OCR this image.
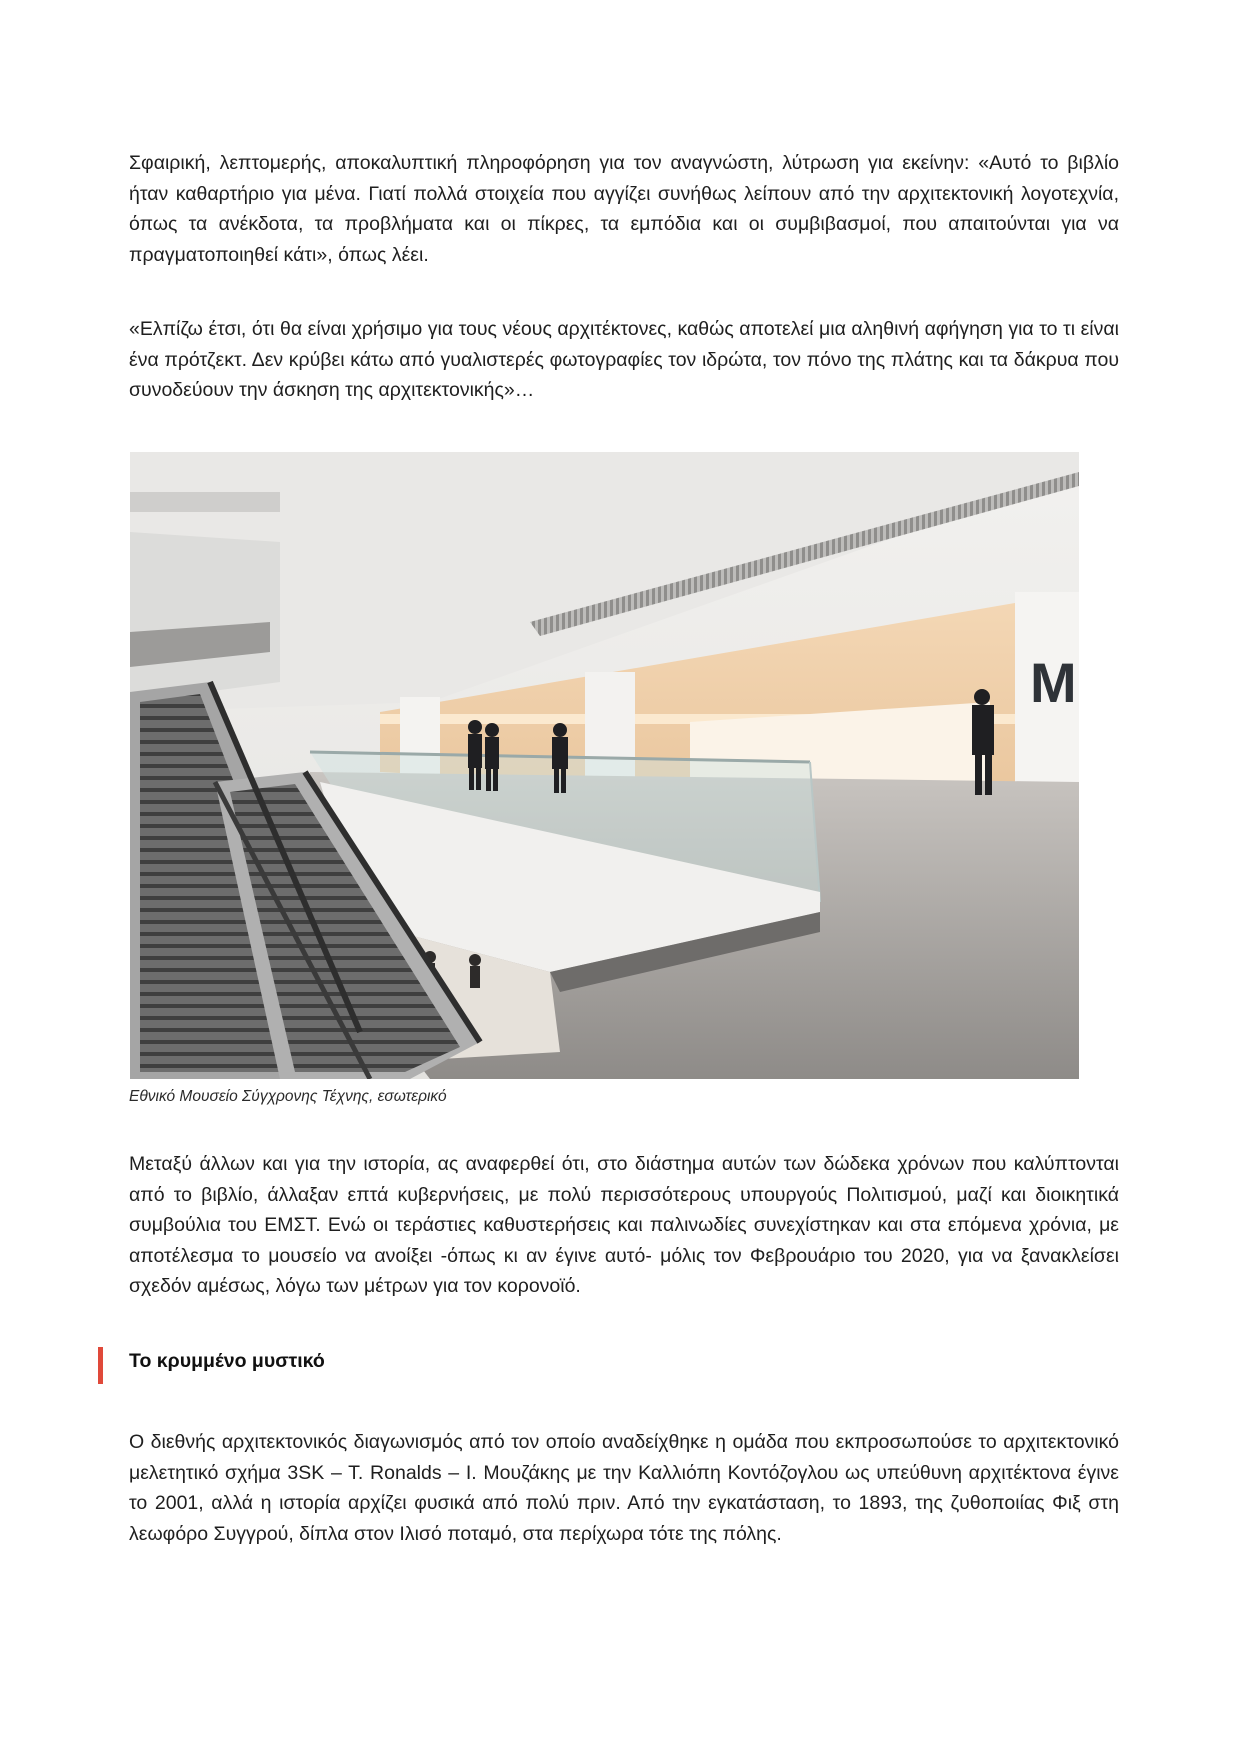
Σφαιρική, λεπτομερής, αποκαλυπτική πληροφόρηση για τον αναγνώστη, λύτρωση για εκείνην: «Αυτό το βιβλίο ήταν καθαρτήριο για μένα. Γιατί πολλά στοιχεία που αγγίζει συνήθως λείπουν από την αρχιτεκτονική λογοτεχνία, όπως τα ανέκδοτα, τα προβλήματα και οι πίκρες, τα εμπόδια και οι συμβιβασμοί, που απαιτούνται για να πραγματοποιηθεί κάτι», όπως λέει.

«Ελπίζω έτσι, ότι θα είναι χρήσιμο για τους νέους αρχιτέκτονες, καθώς αποτελεί μια αληθινή αφήγηση για το τι είναι ένα πρότζεκτ. Δεν κρύβει κάτω από γυαλιστερές φωτογραφίες τον ιδρώτα, τον πόνο της πλάτης και τα δάκρυα που συνοδεύουν την άσκηση της αρχιτεκτονικής»…

M
Εθνικό Μουσείο Σύγχρονης Τέχνης, εσωτερικό

Μεταξύ άλλων και για την ιστορία, ας αναφερθεί ότι, στο διάστημα αυτών των δώδεκα χρόνων που καλύπτονται από το βιβλίο, άλλαξαν επτά κυβερνήσεις, με πολύ περισσότερους υπουργούς Πολιτισμού, μαζί και διοικητικά συμβούλια του ΕΜΣΤ. Ενώ οι τεράστιες καθυστερήσεις και παλινωδίες συνεχίστηκαν και στα επόμενα χρόνια, με αποτέλεσμα το μουσείο να ανοίξει -όπως κι αν έγινε αυτό- μόλις τον Φεβρουάριο του 2020, για να ξανακλείσει σχεδόν αμέσως, λόγω των μέτρων για τον κορονοϊό.

Το κρυμμένο μυστικό

Ο διεθνής αρχιτεκτονικός διαγωνισμός από τον οποίο αναδείχθηκε η ομάδα που εκπροσωπούσε το αρχιτεκτονικό μελετητικό σχήμα 3SK – T. Ronalds – Ι. Μουζάκης με την Καλλιόπη Κοντόζογλου ως υπεύθυνη αρχιτέκτονα έγινε το 2001, αλλά η ιστορία αρχίζει φυσικά από πολύ πριν. Από την εγκατάσταση, το 1893, της ζυθοποιίας Φιξ στη λεωφόρο Συγγρού, δίπλα στον Ιλισό ποταμό, στα περίχωρα τότε της πόλης.
